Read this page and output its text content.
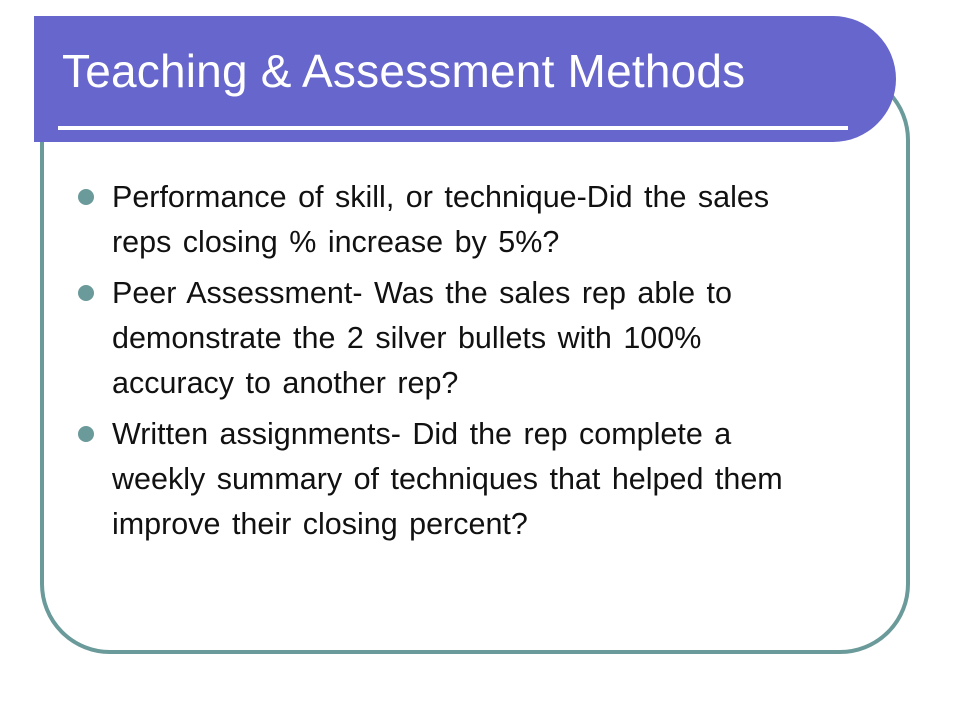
Teaching & Assessment Methods
Performance of skill, or technique-Did the sales reps closing % increase by 5%?
Peer Assessment- Was the sales rep able to demonstrate the 2 silver bullets with 100% accuracy to another rep?
Written assignments- Did the rep complete a weekly summary of techniques that helped them improve their closing percent?
